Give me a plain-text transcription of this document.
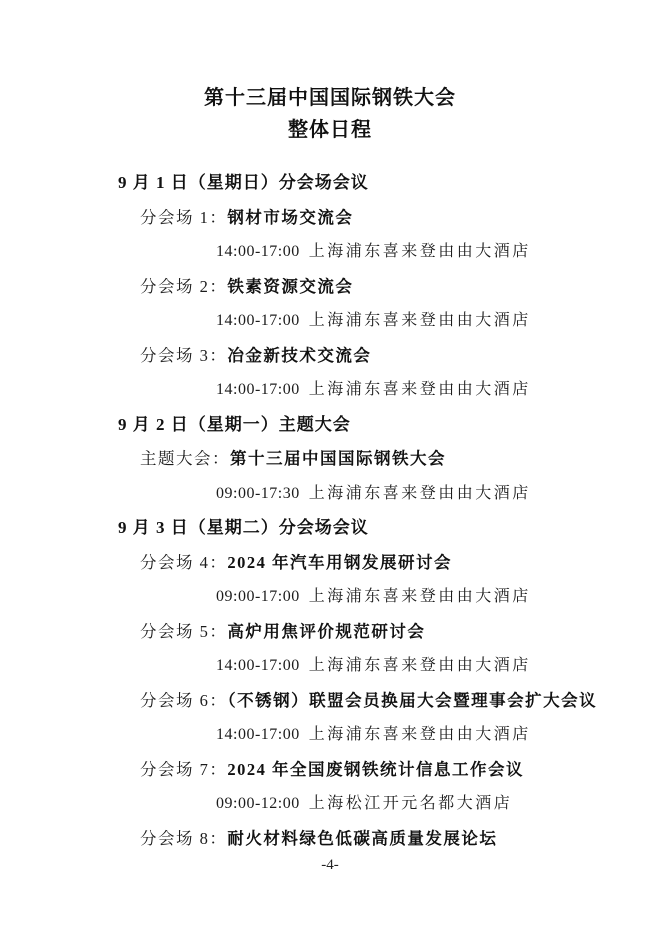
第十三届中国国际钢铁大会
整体日程
9 月 1 日（星期日）分会场会议
分会场 1：钢材市场交流会
14:00-17:00 上海浦东喜来登由由大酒店
分会场 2：铁素资源交流会
14:00-17:00 上海浦东喜来登由由大酒店
分会场 3：冶金新技术交流会
14:00-17:00 上海浦东喜来登由由大酒店
9 月 2 日（星期一）主题大会
主题大会：第十三届中国国际钢铁大会
09:00-17:30 上海浦东喜来登由由大酒店
9 月 3 日（星期二）分会场会议
分会场 4：2024 年汽车用钢发展研讨会
09:00-17:00 上海浦东喜来登由由大酒店
分会场 5：高炉用焦评价规范研讨会
14:00-17:00 上海浦东喜来登由由大酒店
分会场 6：（不锈钢）联盟会员换届大会暨理事会扩大会议
14:00-17:00 上海浦东喜来登由由大酒店
分会场 7：2024 年全国废钢铁统计信息工作会议
09:00-12:00 上海松江开元名都大酒店
分会场 8：耐火材料绿色低碳高质量发展论坛
-4-
